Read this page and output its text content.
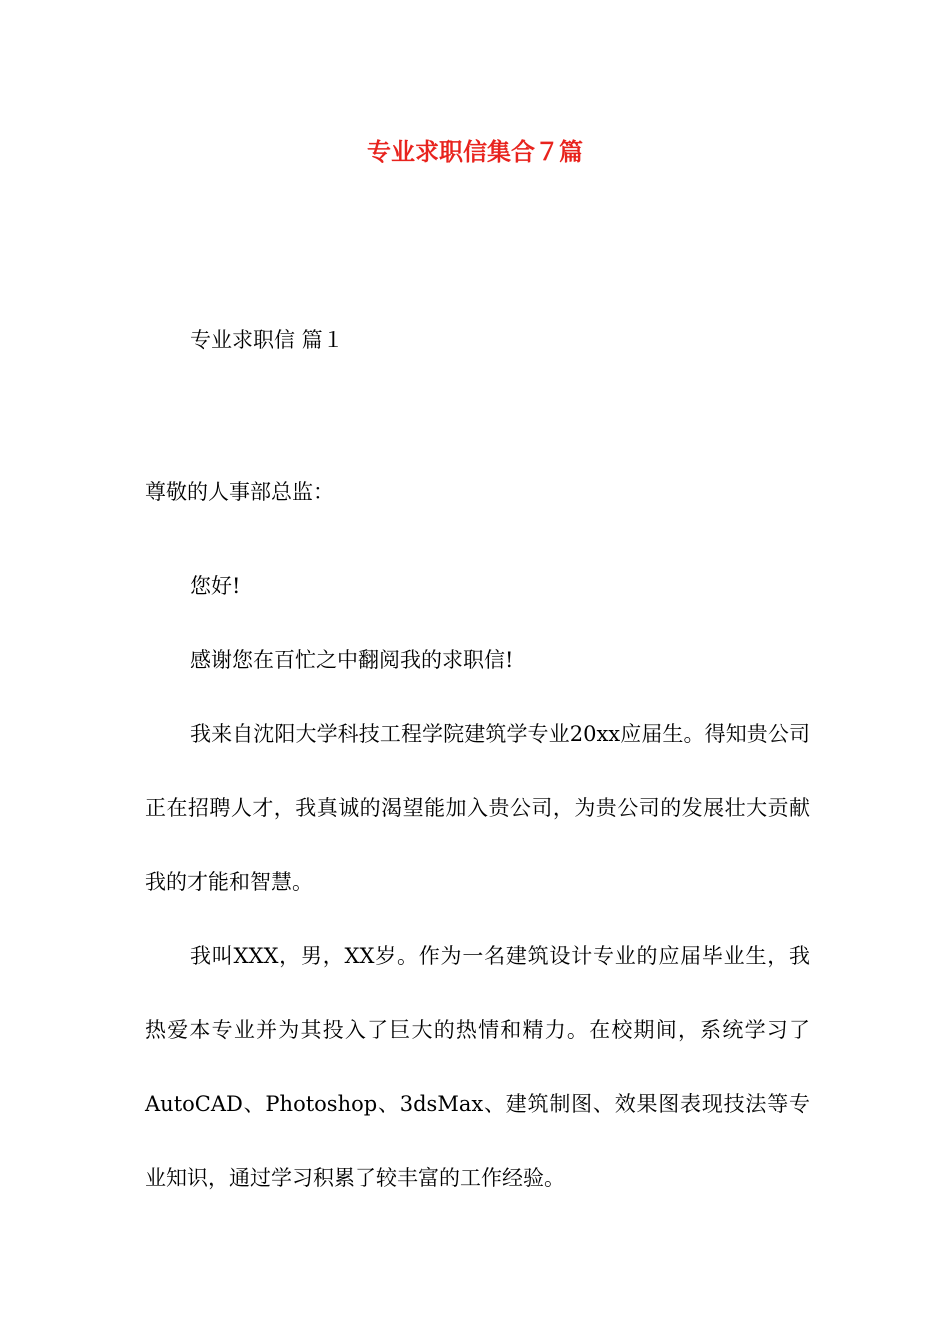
专业求职信集合７篇
专业求职信 篇１
尊敬的人事部总监：

您好!

感谢您在百忙之中翻阅我的求职信!

我来自沈阳大学科技工程学院建筑学专业20xx应届生。得知贵公司正在招聘人才，我真诚的渴望能加入贵公司，为贵公司的发展壮大贡献我的才能和智慧。

我叫XXX，男，XX岁。作为一名建筑设计专业的应届毕业生，我热爱本专业并为其投入了巨大的热情和精力。在校期间，系统学习了AutoCAD、Photoshop、3dsMax、建筑制图、效果图表现技法等专业知识，通过学习积累了较丰富的工作经验。
